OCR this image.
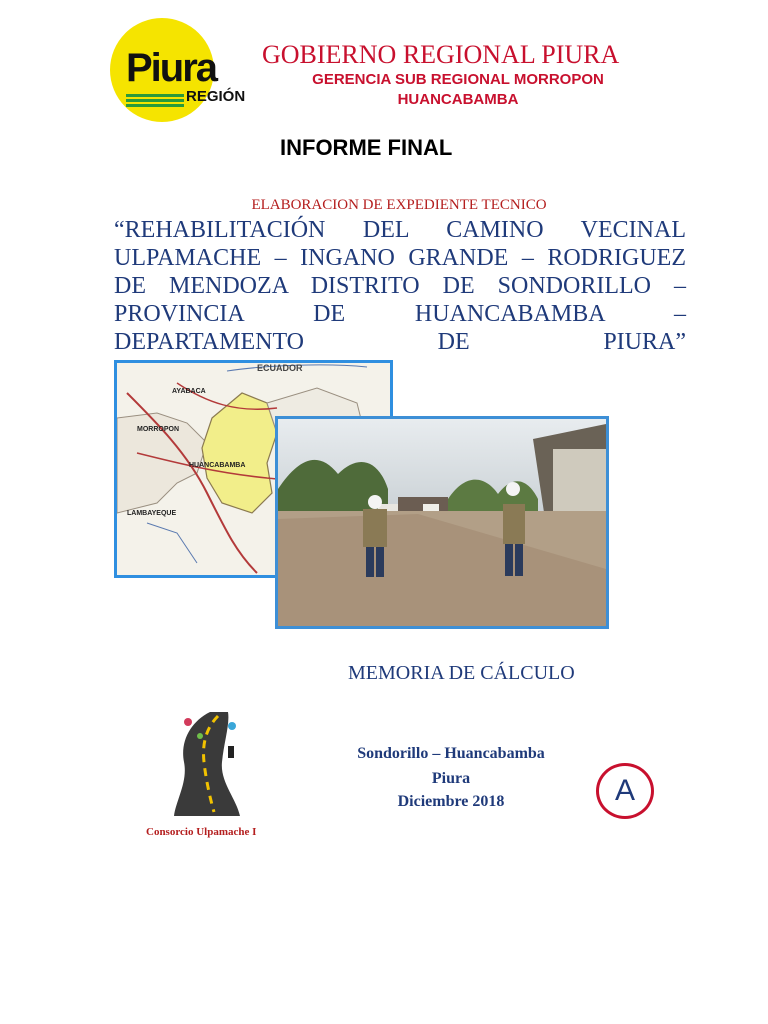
Piura
REGIÓN
GOBIERNO REGIONAL PIURA
GERENCIA SUB REGIONAL MORROPON
HUANCABAMBA
INFORME FINAL
ELABORACION DE EXPEDIENTE TECNICO
“REHABILITACIÓN DEL CAMINO VECINAL ULPAMACHE – INGANO GRANDE – RODRIGUEZ DE MENDOZA DISTRITO DE SONDORILLO – PROVINCIA DE HUANCABAMBA – DEPARTAMENTO DE PIURA”
ECUADOR
AYABACA
MORROPON
HUANCABAMBA
LAMBAYEQUE
MEMORIA DE CÁLCULO
Consorcio Ulpamache I
Sondorillo – Huancabamba
Piura
Diciembre 2018	A
